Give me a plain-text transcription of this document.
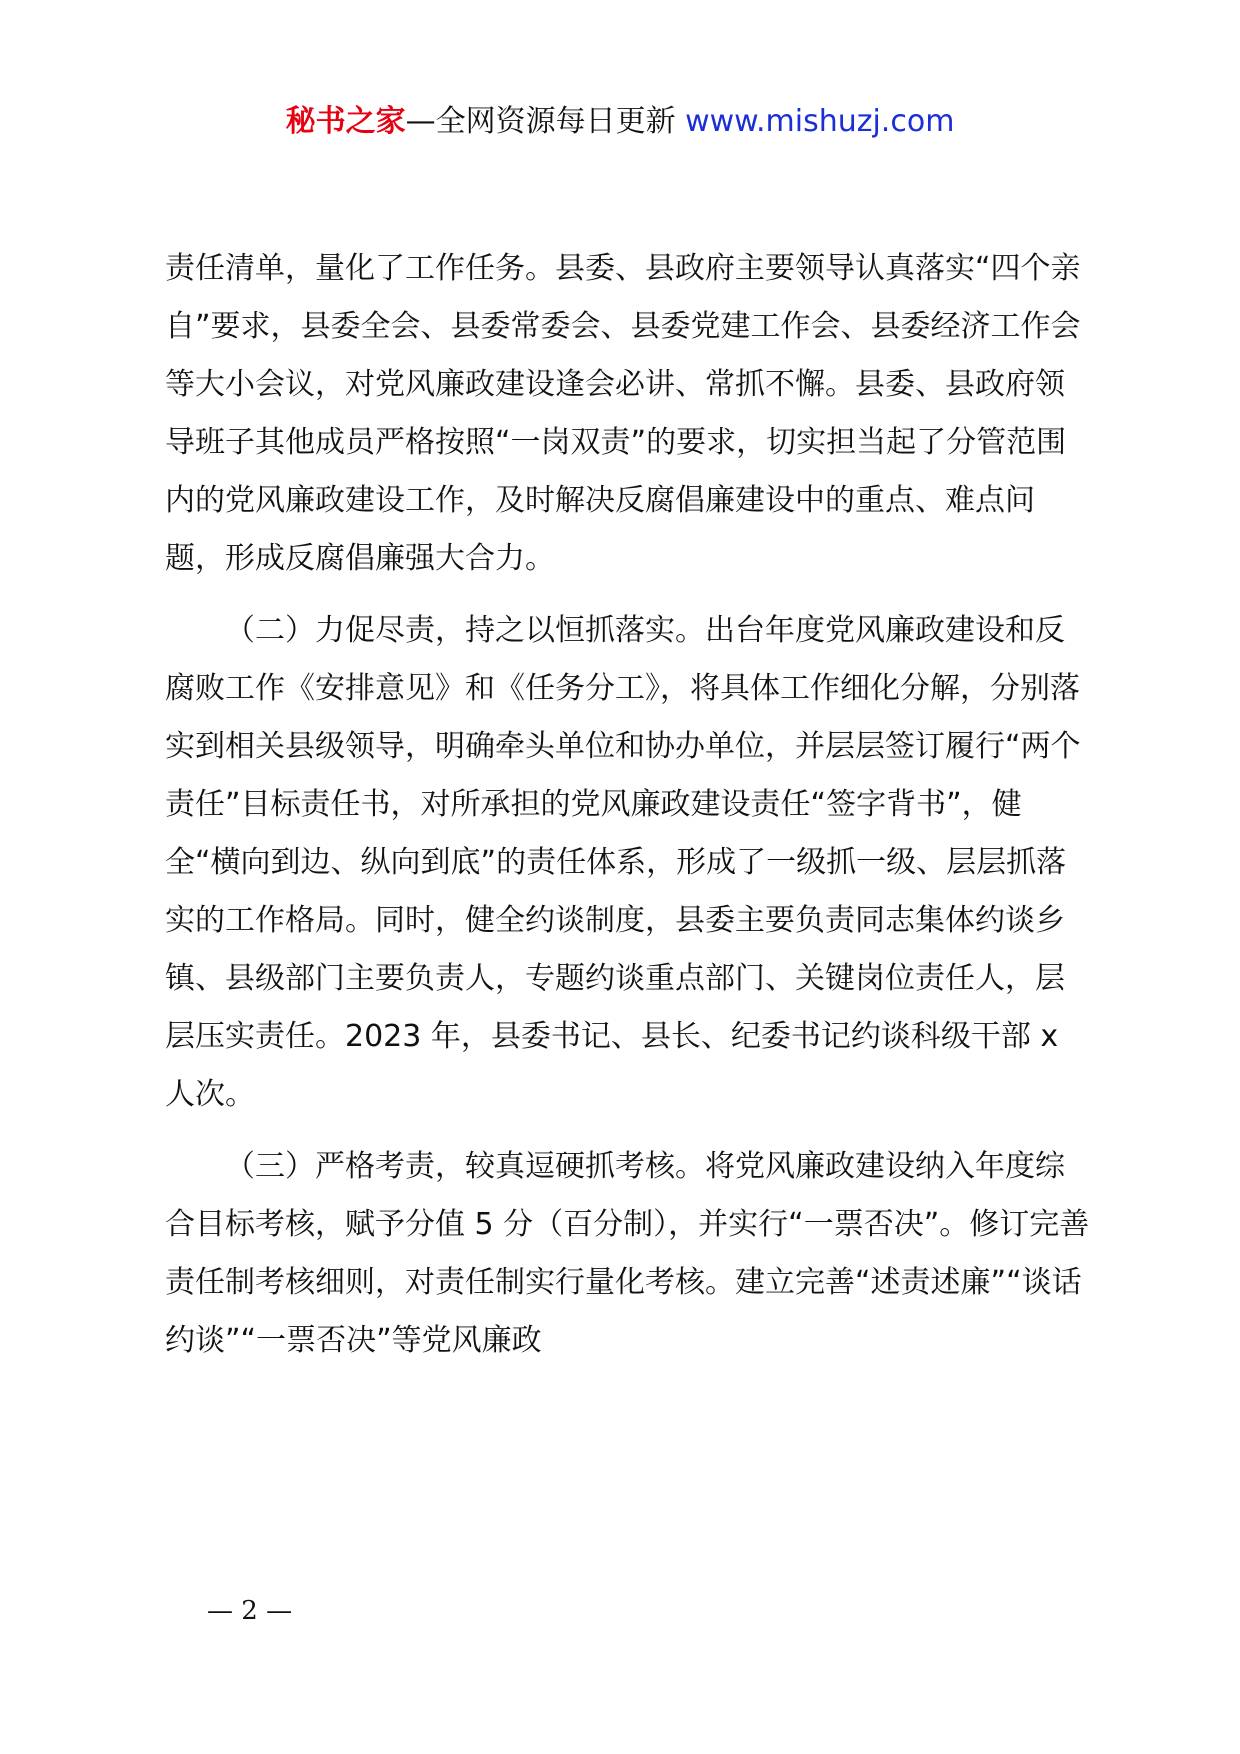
秘书之家—全网资源每日更新 www.mishuzj.com

责任清单，量化了工作任务。县委、县政府主要领导认真落实“四个亲自”要求，县委全会、县委常委会、县委党建工作会、县委经济工作会等大小会议，对党风廉政建设逢会必讲、常抓不懈。县委、县政府领导班子其他成员严格按照“一岗双责”的要求，切实担当起了分管范围内的党风廉政建设工作，及时解决反腐倡廉建设中的重点、难点问题，形成反腐倡廉强大合力。

（二）力促尽责，持之以恒抓落实。出台年度党风廉政建设和反腐败工作《安排意见》和《任务分工》，将具体工作细化分解，分别落实到相关县级领导，明确牵头单位和协办单位，并层层签订履行“两个责任”目标责任书，对所承担的党风廉政建设责任“签字背书”，健全“横向到边、纵向到底”的责任体系，形成了一级抓一级、层层抓落实的工作格局。同时，健全约谈制度，县委主要负责同志集体约谈乡镇、县级部门主要负责人，专题约谈重点部门、关键岗位责任人，层层压实责任。2023 年，县委书记、县长、纪委书记约谈科级干部 x 人次。

（三）严格考责，较真逗硬抓考核。将党风廉政建设纳入年度综合目标考核，赋予分值 5 分（百分制），并实行“一票否决”。修订完善责任制考核细则，对责任制实行量化考核。建立完善“述责述廉”“谈话约谈”“一票否决”等党风廉政

— 2 —
